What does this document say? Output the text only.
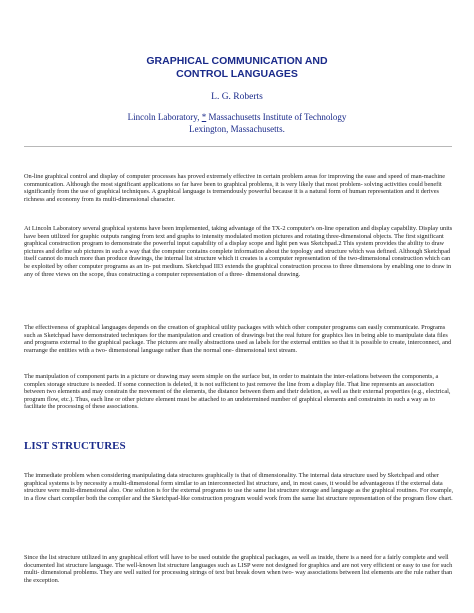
GRAPHICAL COMMUNICATION AND
CONTROL LANGUAGES
L. G. Roberts
Lincoln Laboratory, * Massachusetts Institute of Technology
Lexington, Massachusetts.

On-line graphical control and display of computer processes has proved extremely effective in certain problem areas for improving the ease and speed of man-machine communication. Although the most significant applications so far have been to graphical problems, it is very likely that most problem- solving activities could benefit significantly from the use of graphical techniques. A graphical language is tremendously powerful because it is a natural form of human representation and it derives richness and economy from its multi-dimensional character.

At Lincoln Laboratory several graphical systems have been implemented, taking advantage of the TX-2 computer's on-line operation and display capability. Display units have been utilized for graphic outputs ranging from text and graphs to intensity modulated motion pictures and rotating three-dimensional objects. The first significant graphical construction program to demonstrate the powerful input capability of a display scope and light pen was Sketchpad.2 This system provides the ability to draw pictures and define sub pictures in such a way that the computer contains complete information about the topology and structure which was defined. Although Sketchpad itself cannot do much more than produce drawings, the internal list structure which it creates is a computer representation of the two-dimensional construction which can be exploited by other computer programs as an in- put medium. Sketchpad III3 extends the graphical construction process to three dimensions by enabling one to draw in any of three views on the scope, thus constructing a computer representation of a three- dimensional drawing.

The effectiveness of graphical languages depends on the creation of graphical utility packages with which other computer programs can easily communicate. Programs such as Sketchpad have demonstrated techniques for the manipulation and creation of drawings but the real future for graphics lies in being able to manipulate data files and programs external to the graphical package. The pictures are really abstractions used as labels for the external entities so that it is possible to create, interconnect, and rearrange the entities with a two- dimensional language rather than the normal one- dimensional text stream.

The manipulation of component parts in a picture or drawing may seem simple on the surface but, in order to maintain the inter-relations between the components, a complex storage structure is needed. If some connection is deleted, it is not sufficient to just remove the line from a display file. That line represents an association between two elements and may constrain the movement of the elements, the distance between them and their deletion, as well as their external properties (e.g., electrical, program flow, etc.). Thus, each line or other picture element must be attached to an undetermined number of graphical elements and constraints in such a way as to facilitate the processing of these associations.

LIST STRUCTURES

The immediate problem when considering manipulating data structures graphically is that of dimensionality. The internal data structure used by Sketchpad and other graphical systems is by necessity a multi-dimensional form similar to an interconnected list structure, and, in most cases, it would be advantageous if the external data structure were multi-dimensional also. One solution is for the external programs to use the same list structure storage and language as the graphical routines. For example, in a flow chart compiler both the compiler and the Sketchpad-like construction program would work from the same list structure representation of the program flow chart.

Since the list structure utilized in any graphical effort will have to be used outside the graphical packages, as well as inside, there is a need for a fairly complete and well documented list structure language. The well-known list structure languages such as LISP were not designed for graphics and are not very efficient or easy to use for such multi- dimensional problems. They are well suited for processing strings of text but break down when two- way associations between list elements are the rule rather than the exception.
